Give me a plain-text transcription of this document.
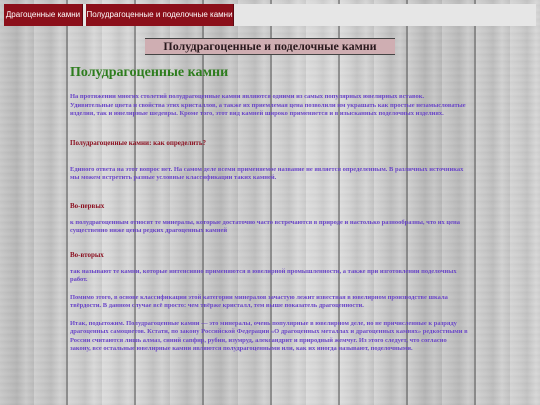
Драгоценные камни Полудрагоценные и поделочные камни
Полудрагоценные и поделочные камни
Полудрагоценные камни

На протяжении многих столетий полудрагоценные камни являются одними из самых популярных ювелирных вставок. Удивительные цвета и свойства этих кристаллов, а также их приемлемая цена позволили им украшать как простые незамысловатые изделия, так и ювелирные шедевры. Кроме того, этот вид камней широко применяется и в изысканных поделочных изделиях.

Полудрагоценные камни: как определить?

Единого ответа на этот вопрос нет. На самом деле всеми применяемое название не является определенным. В различных источниках мы можем встретить разные условные классификации таких камней.

Во-первых

к полудрагоценным относят те минералы, которые достаточно часто встречаются в природе и настолько разнообразны, что их цена существенно ниже цены редких драгоценных камней

Во-вторых

так называют те камни, которые интенсивно применяются в ювелирной промышленности, а также при изготовлении поделочных работ.

Помимо этого, в основе классификации этой категории минералов зачастую лежит известная в ювелирном производстве шкала твёрдости. В данном случае всё просто: чем твёрже кристалл, тем выше показатель драгоценности.

Итак, подытожим. Полудрагоценные камни — это минералы, очень популярные в ювелирном деле, но не причисленные к разряду драгоценных самоцветов. Кстати, по закону Российской Федерации «О драгоценных металлах и драгоценных камнях» редкостными в России считаются лишь алмаз, синий сапфир, рубин, изумруд, александрит и природный жемчуг. Из этого следует, что согласно закону, все остальные ювелирные камни являются полудрагоценными или, как их иногда называют, поделочными.
